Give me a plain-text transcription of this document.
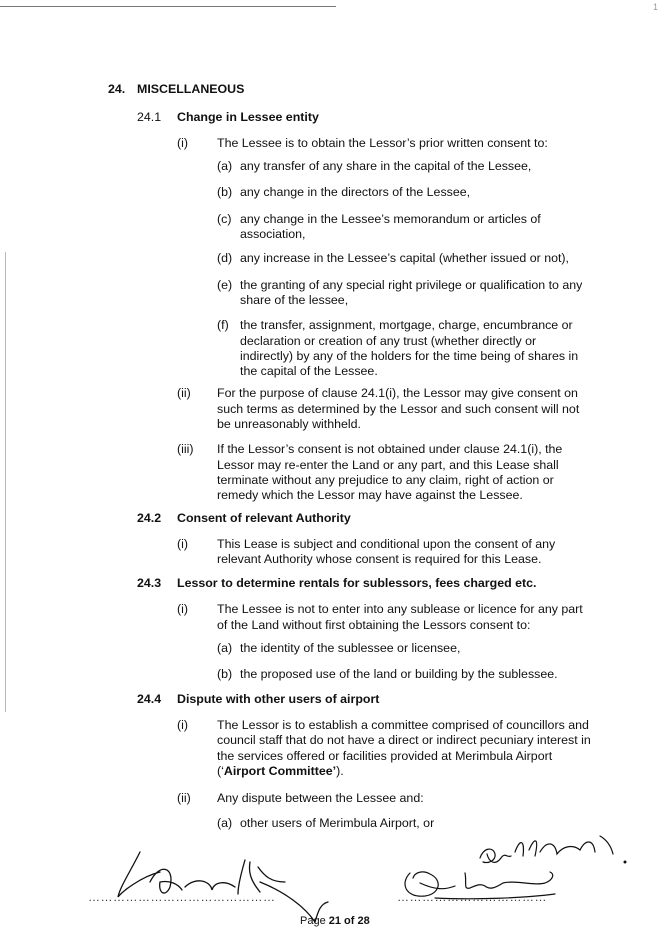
1
24. MISCELLANEOUS
24.1 Change in Lessee entity
(i) The Lessee is to obtain the Lessor’s prior written consent to:
(a) any transfer of any share in the capital of the Lessee,
(b) any change in the directors of the Lessee,
(c) any change in the Lessee’s memorandum or articles of
association,
(d) any increase in the Lessee’s capital (whether issued or not),
(e) the granting of any special right privilege or qualification to any
share of the lessee,
(f) the transfer, assignment, mortgage, charge, encumbrance or
declaration or creation of any trust (whether directly or
indirectly) by any of the holders for the time being of shares in
the capital of the Lessee.
(ii) For the purpose of clause 24.1(i), the Lessor may give consent on
such terms as determined by the Lessor and such consent will not
be unreasonably withheld.
(iii) If the Lessor’s consent is not obtained under clause 24.1(i), the
Lessor may re-enter the Land or any part, and this Lease shall
terminate without any prejudice to any claim, right of action or
remedy which the Lessor may have against the Lessee.
24.2 Consent of relevant Authority
(i) This Lease is subject and conditional upon the consent of any
relevant Authority whose consent is required for this Lease.
24.3 Lessor to determine rentals for sublessors, fees charged etc.
(i) The Lessee is not to enter into any sublease or licence for any part
of the Land without first obtaining the Lessors consent to:
(a) the identity of the sublessee or licensee,
(b) the proposed use of the land or building by the sublessee.
24.4 Dispute with other users of airport
(i) The Lessor is to establish a committee comprised of councillors and
council staff that do not have a direct or indirect pecuniary interest in
the services offered or facilities provided at Merimbula Airport
(‘Airport Committee’).
(ii) Any dispute between the Lessee and:
(a) other users of Merimbula Airport, or
………………………………………	………………………………
Page 21 of 28
